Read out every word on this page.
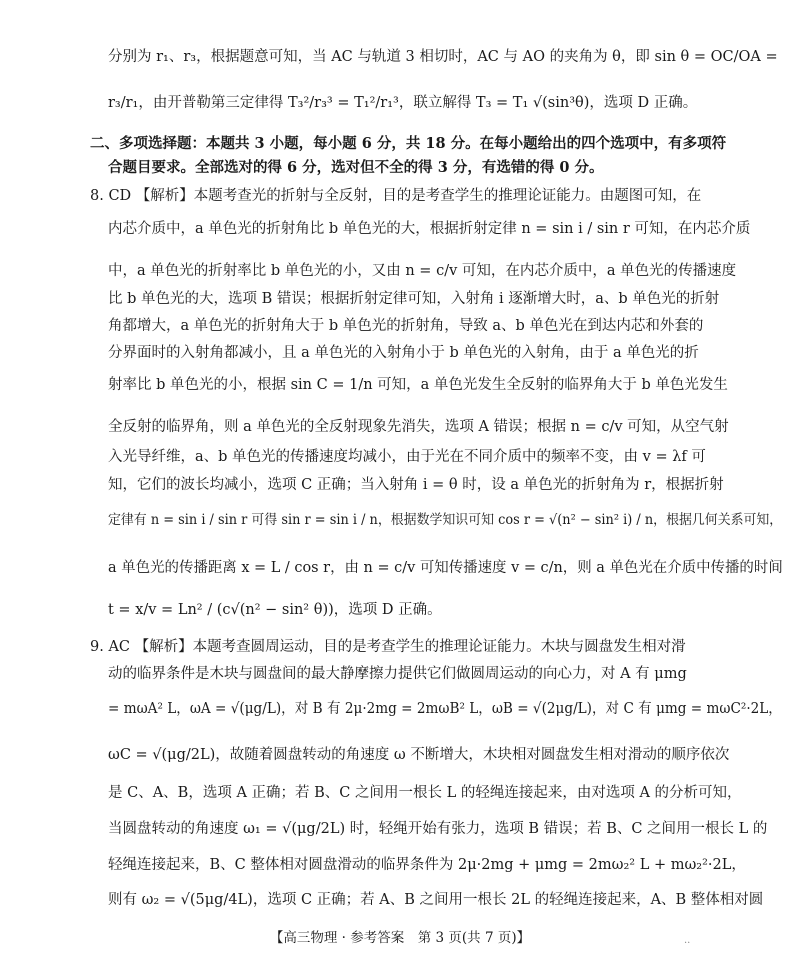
分别为 r₁、r₃，根据题意可知，当 AC 与轨道 3 相切时，AC 与 AO 的夹角为 θ，即 sin θ = OC/OA =
r₃/r₁，由开普勒第三定律得 T₃²/r₃³ = T₁²/r₁³，联立解得 T₃ = T₁ √(sin³θ)，选项 D 正确。
二、多项选择题：本题共 3 小题，每小题 6 分，共 18 分。在每小题给出的四个选项中，有多项符
合题目要求。全部选对的得 6 分，选对但不全的得 3 分，有选错的得 0 分。
8. CD 【解析】本题考查光的折射与全反射，目的是考查学生的推理论证能力。由题图可知，在
内芯介质中，a 单色光的折射角比 b 单色光的大，根据折射定律 n = sin i / sin r 可知，在内芯介质
中，a 单色光的折射率比 b 单色光的小，又由 n = c/v 可知，在内芯介质中，a 单色光的传播速度
比 b 单色光的大，选项 B 错误；根据折射定律可知，入射角 i 逐渐增大时，a、b 单色光的折射
角都增大，a 单色光的折射角大于 b 单色光的折射角，导致 a、b 单色光在到达内芯和外套的
分界面时的入射角都减小，且 a 单色光的入射角小于 b 单色光的入射角，由于 a 单色光的折
射率比 b 单色光的小，根据 sin C = 1/n 可知，a 单色光发生全反射的临界角大于 b 单色光发生
全反射的临界角，则 a 单色光的全反射现象先消失，选项 A 错误；根据 n = c/v 可知，从空气射
入光导纤维，a、b 单色光的传播速度均减小，由于光在不同介质中的频率不变，由 v = λf 可
知，它们的波长均减小，选项 C 正确；当入射角 i = θ 时，设 a 单色光的折射角为 r，根据折射
定律有 n = sin i / sin r 可得 sin r = sin i / n，根据数学知识可知 cos r = √(n² − sin² i) / n，根据几何关系可知，
a 单色光的传播距离 x = L / cos r，由 n = c/v 可知传播速度 v = c/n，则 a 单色光在介质中传播的时间
t = x/v = Ln² / (c√(n² − sin² θ))，选项 D 正确。
9. AC 【解析】本题考查圆周运动，目的是考查学生的推理论证能力。木块与圆盘发生相对滑
动的临界条件是木块与圆盘间的最大静摩擦力提供它们做圆周运动的向心力，对 A 有 μmg
= mωA² L，ωA = √(μg/L)，对 B 有 2μ·2mg = 2mωB² L，ωB = √(2μg/L)，对 C 有 μmg = mωC²·2L，
ωC = √(μg/2L)，故随着圆盘转动的角速度 ω 不断增大，木块相对圆盘发生相对滑动的顺序依次
是 C、A、B，选项 A 正确；若 B、C 之间用一根长 L 的轻绳连接起来，由对选项 A 的分析可知，
当圆盘转动的角速度 ω₁ = √(μg/2L) 时，轻绳开始有张力，选项 B 错误；若 B、C 之间用一根长 L 的
轻绳连接起来，B、C 整体相对圆盘滑动的临界条件为 2μ·2mg + μmg = 2mω₂² L + mω₂²·2L，
则有 ω₂ = √(5μg/4L)，选项 C 正确；若 A、B 之间用一根长 2L 的轻绳连接起来，A、B 整体相对圆
【高三物理 · 参考答案　第 3 页(共 7 页)】	..
